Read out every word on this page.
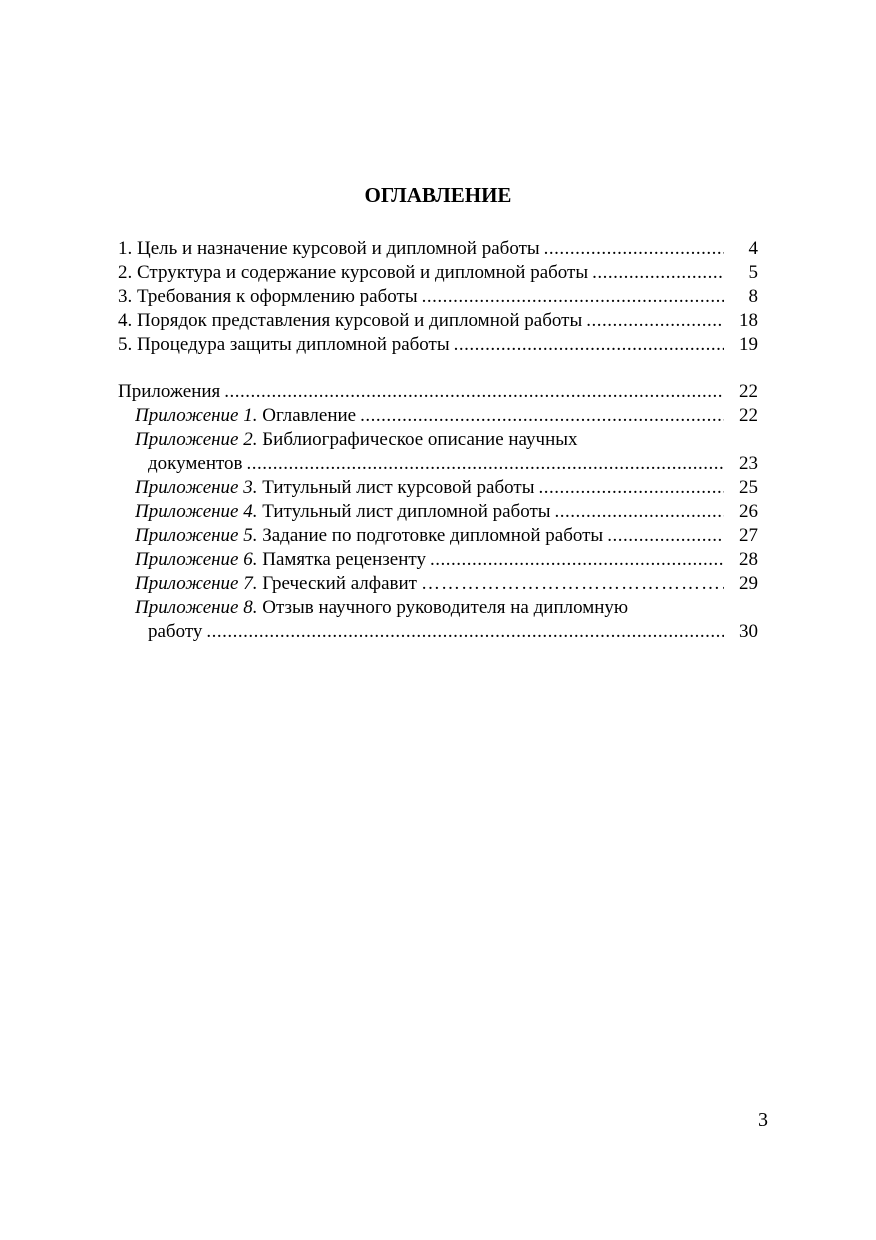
ОГЛАВЛЕНИЕ
1. Цель и назначение курсовой и дипломной работы .....	4
2. Структура и содержание курсовой и дипломной работы .....	5
3. Требования к оформлению работы .....	8
4. Порядок представления курсовой и дипломной работы .....	18
5. Процедура защиты дипломной работы .....	19
Приложения .....	22
Приложение 1. Оглавление .....	22
Приложение 2. Библиографическое описание научных
документов .....	23
Приложение 3. Титульный лист курсовой работы .....	25
Приложение 4. Титульный лист дипломной работы .....	26
Приложение 5. Задание по подготовке дипломной работы .....	27
Приложение 6. Памятка рецензенту .....	28
Приложение 7. Греческий алфавит ………………………………………………………………………………………………………………………………………………………	29
Приложение 8. Отзыв научного руководителя на дипломную
работу .....	30
3
